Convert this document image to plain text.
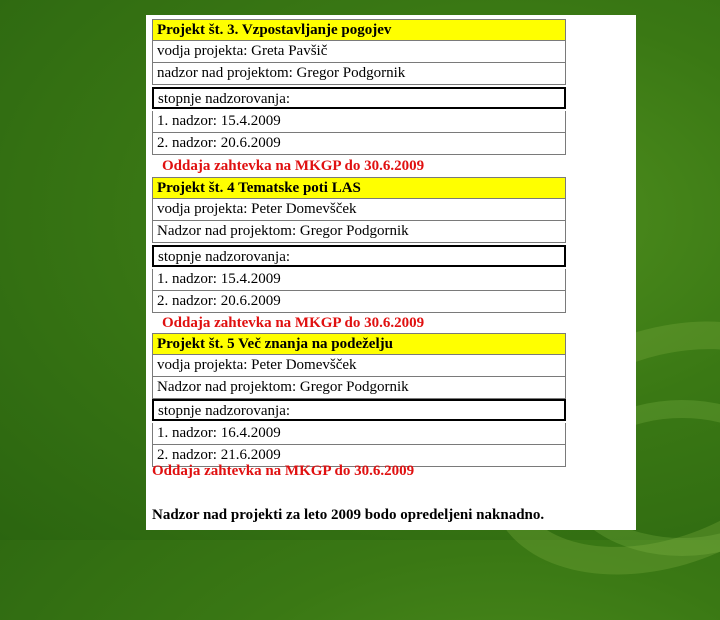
Projekt št. 3. Vzpostavljanje pogojev
vodja projekta: Greta Pavšič
nadzor nad projektom: Gregor Podgornik
stopnje nadzorovanja:
1. nadzor: 15.4.2009
2. nadzor: 20.6.2009
Oddaja zahtevka na MKGP do 30.6.2009
Projekt št. 4 Tematske poti LAS
vodja projekta: Peter Domevšček
Nadzor nad projektom: Gregor Podgornik
stopnje nadzorovanja:
1. nadzor: 15.4.2009
2. nadzor: 20.6.2009
Oddaja zahtevka na MKGP do 30.6.2009
Projekt št. 5 Več znanja na podeželju
vodja projekta: Peter Domevšček
Nadzor nad projektom: Gregor Podgornik
stopnje nadzorovanja:
1. nadzor: 16.4.2009
2. nadzor: 21.6.2009
Oddaja zahtevka na MKGP do 30.6.2009
Nadzor nad projekti za leto 2009 bodo opredeljeni naknadno.
